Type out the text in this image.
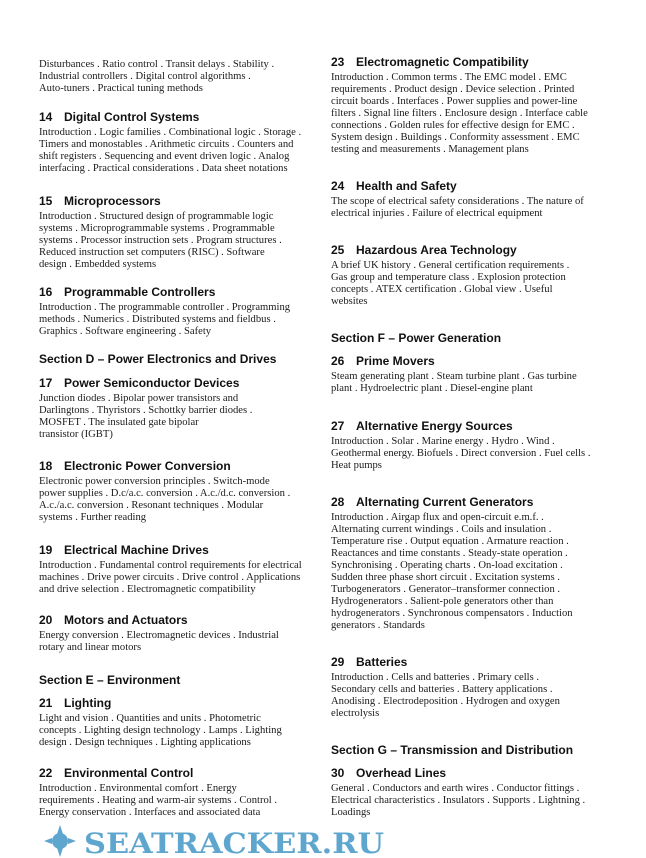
Disturbances . Ratio control . Transit delays . Stability .
Industrial controllers . Digital control algorithms .
Auto-tuners . Practical tuning methods
14 Digital Control Systems
Introduction . Logic families . Combinational logic . Storage .
Timers and monostables . Arithmetic circuits . Counters and
shift registers . Sequencing and event driven logic . Analog
interfacing . Practical considerations . Data sheet notations
15 Microprocessors
Introduction . Structured design of programmable logic
systems . Microprogrammable systems . Programmable
systems . Processor instruction sets . Program structures .
Reduced instruction set computers (RISC) . Software
design . Embedded systems
16 Programmable Controllers
Introduction . The programmable controller . Programming
methods . Numerics . Distributed systems and fieldbus .
Graphics . Software engineering . Safety
Section D – Power Electronics and Drives
17 Power Semiconductor Devices
Junction diodes . Bipolar power transistors and
Darlingtons . Thyristors . Schottky barrier diodes .
MOSFET . The insulated gate bipolar
transistor (IGBT)
18 Electronic Power Conversion
Electronic power conversion principles . Switch-mode
power supplies . D.c/a.c. conversion . A.c./d.c. conversion .
A.c./a.c. conversion . Resonant techniques . Modular
systems . Further reading
19 Electrical Machine Drives
Introduction . Fundamental control requirements for electrical
machines . Drive power circuits . Drive control . Applications
and drive selection . Electromagnetic compatibility
20 Motors and Actuators
Energy conversion . Electromagnetic devices . Industrial
rotary and linear motors
Section E – Environment
21 Lighting
Light and vision . Quantities and units . Photometric
concepts . Lighting design technology . Lamps . Lighting
design . Design techniques . Lighting applications
22 Environmental Control
Introduction . Environmental comfort . Energy
requirements . Heating and warm-air systems . Control .
Energy conservation . Interfaces and associated data
23 Electromagnetic Compatibility
Introduction . Common terms . The EMC model . EMC
requirements . Product design . Device selection . Printed
circuit boards . Interfaces . Power supplies and power-line
filters . Signal line filters . Enclosure design . Interface cable
connections . Golden rules for effective design for EMC .
System design . Buildings . Conformity assessment . EMC
testing and measurements . Management plans
24 Health and Safety
The scope of electrical safety considerations . The nature of
electrical injuries . Failure of electrical equipment
25 Hazardous Area Technology
A brief UK history . General certification requirements .
Gas group and temperature class . Explosion protection
concepts . ATEX certification . Global view . Useful
websites
Section F – Power Generation
26 Prime Movers
Steam generating plant . Steam turbine plant . Gas turbine
plant . Hydroelectric plant . Diesel-engine plant
27 Alternative Energy Sources
Introduction . Solar . Marine energy . Hydro . Wind .
Geothermal energy. Biofuels . Direct conversion . Fuel cells .
Heat pumps
28 Alternating Current Generators
Introduction . Airgap flux and open-circuit e.m.f. .
Alternating current windings . Coils and insulation .
Temperature rise . Output equation . Armature reaction .
Reactances and time constants . Steady-state operation .
Synchronising . Operating charts . On-load excitation .
Sudden three phase short circuit . Excitation systems .
Turbogenerators . Generator–transformer connection .
Hydrogenerators . Salient-pole generators other than
hydrogenerators . Synchronous compensators . Induction
generators . Standards
29 Batteries
Introduction . Cells and batteries . Primary cells .
Secondary cells and batteries . Battery applications .
Anodising . Electrodeposition . Hydrogen and oxygen
electrolysis
Section G – Transmission and Distribution
30 Overhead Lines
General . Conductors and earth wires . Conductor fittings .
Electrical characteristics . Insulators . Supports . Lightning .
Loadings
SEATRACKER.RU
